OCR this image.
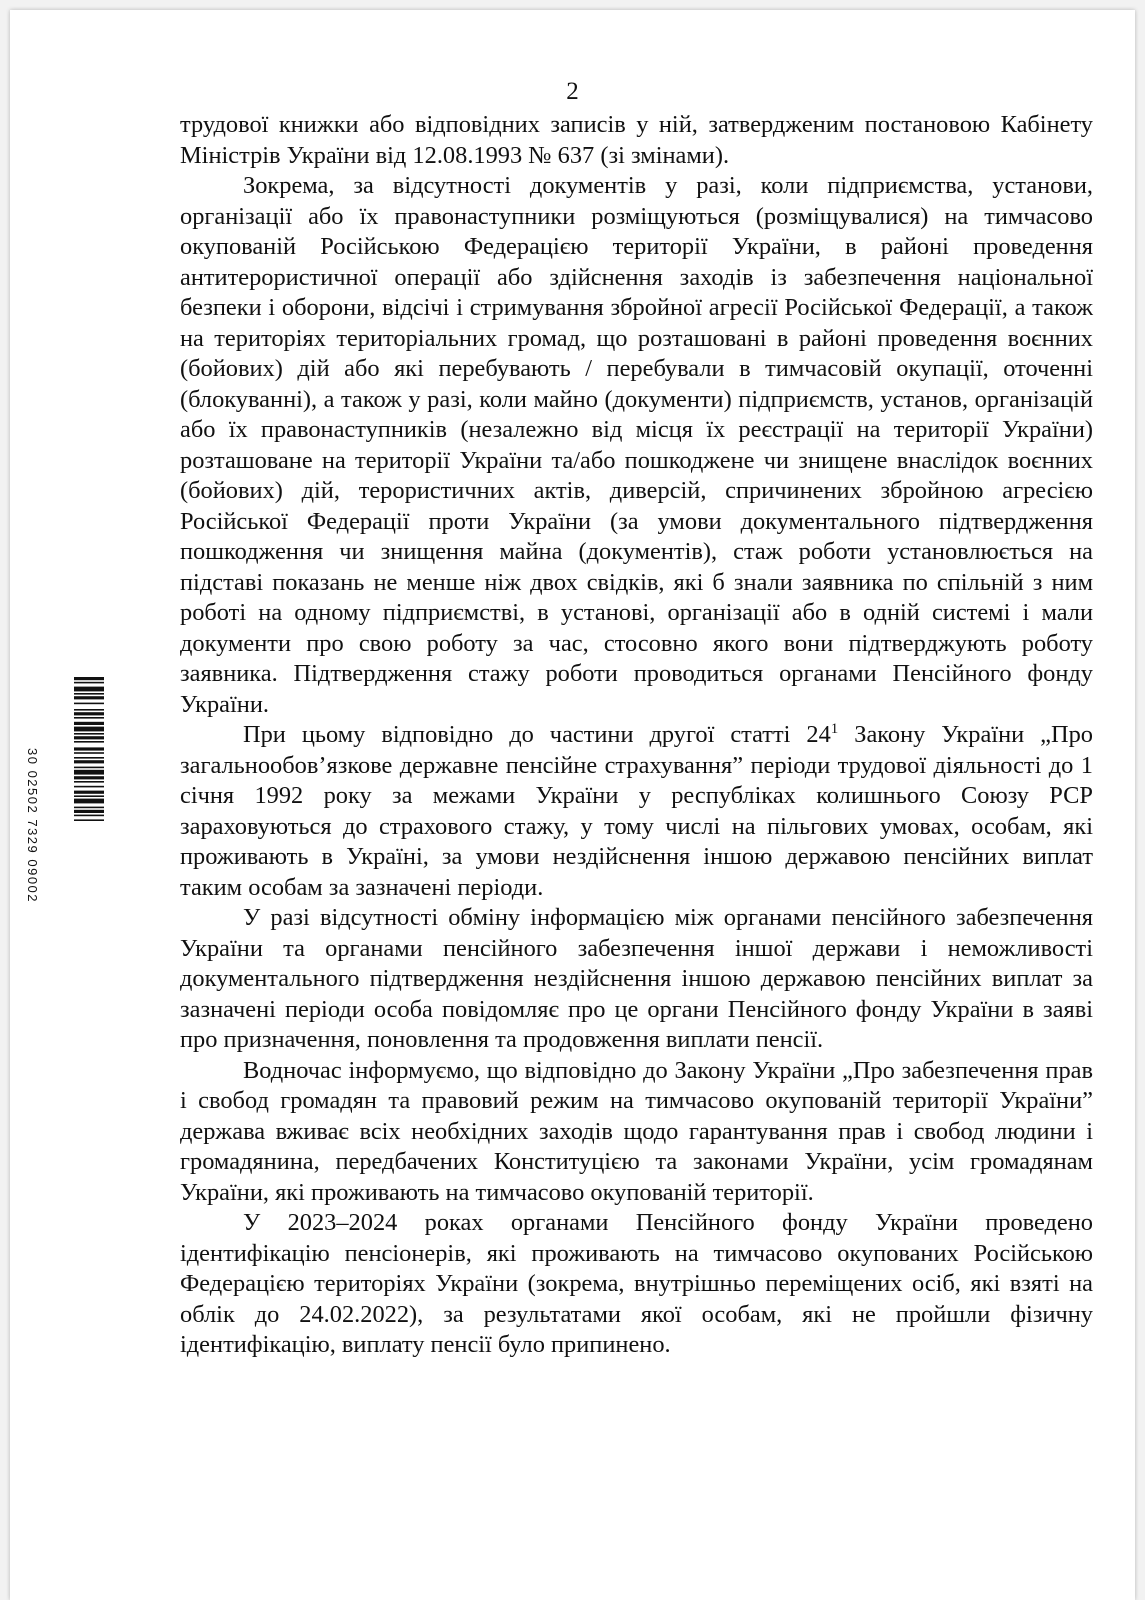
2

трудової книжки або відповідних записів у ній, затвердженим постановою Кабінету Міністрів України від 12.08.1993 № 637 (зі змінами).

Зокрема, за відсутності документів у разі, коли підприємства, установи, організації або їх правонаступники розміщуються (розміщувалися) на тимчасово окупованій Російською Федерацією території України, в районі проведення антитерористичної операції або здійснення заходів із забезпечення національної безпеки і оборони, відсічі і стримування збройної агресії Російської Федерації, а також на територіях територіальних громад, що розташовані в районі проведення воєнних (бойових) дій або які перебувають / перебували в тимчасовій окупації, оточенні (блокуванні), а також у разі, коли майно (документи) підприємств, установ, організацій або їх правонаступників (незалежно від місця їх реєстрації на території України) розташоване на території України та/або пошкоджене чи знищене внаслідок воєнних (бойових) дій, терористичних актів, диверсій, спричинених збройною агресією Російської Федерації проти України (за умови документального підтвердження пошкодження чи знищення майна (документів), стаж роботи установлюється на підставі показань не менше ніж двох свідків, які б знали заявника по спільній з ним роботі на одному підприємстві, в установі, організації або в одній системі і мали документи про свою роботу за час, стосовно якого вони підтверджують роботу заявника. Підтвердження стажу роботи проводиться органами Пенсійного фонду України.

При цьому відповідно до частини другої статті $24^1$ Закону України „Про загальнообов’язкове державне пенсійне страхування” періоди трудової діяльності до 1 січня 1992 року за межами України у республіках колишнього Союзу РСР зараховуються до страхового стажу, у тому числі на пільгових умовах, особам, які проживають в Україні, за умови нездійснення іншою державою пенсійних виплат таким особам за зазначені періоди.

У разі відсутності обміну інформацією між органами пенсійного забезпечення України та органами пенсійного забезпечення іншої держави і неможливості документального підтвердження нездійснення іншою державою пенсійних виплат за зазначені періоди особа повідомляє про це органи Пенсійного фонду України в заяві про призначення, поновлення та продовження виплати пенсії.

Водночас інформуємо, що відповідно до Закону України „Про забезпечення прав і свобод громадян та правовий режим на тимчасово окупованій території України” держава вживає всіх необхідних заходів щодо гарантування прав і свобод людини і громадянина, передбачених Конституцією та законами України, усім громадянам України, які проживають на тимчасово окупованій території.

У 2023–2024 роках органами Пенсійного фонду України проведено ідентифікацію пенсіонерів, які проживають на тимчасово окупованих Російською Федерацією територіях України (зокрема, внутрішньо переміщених осіб, які взяті на облік до 24.02.2022), за результатами якої особам, які не пройшли фізичну ідентифікацію, виплату пенсії було припинено.

30 02502 7329 09002
